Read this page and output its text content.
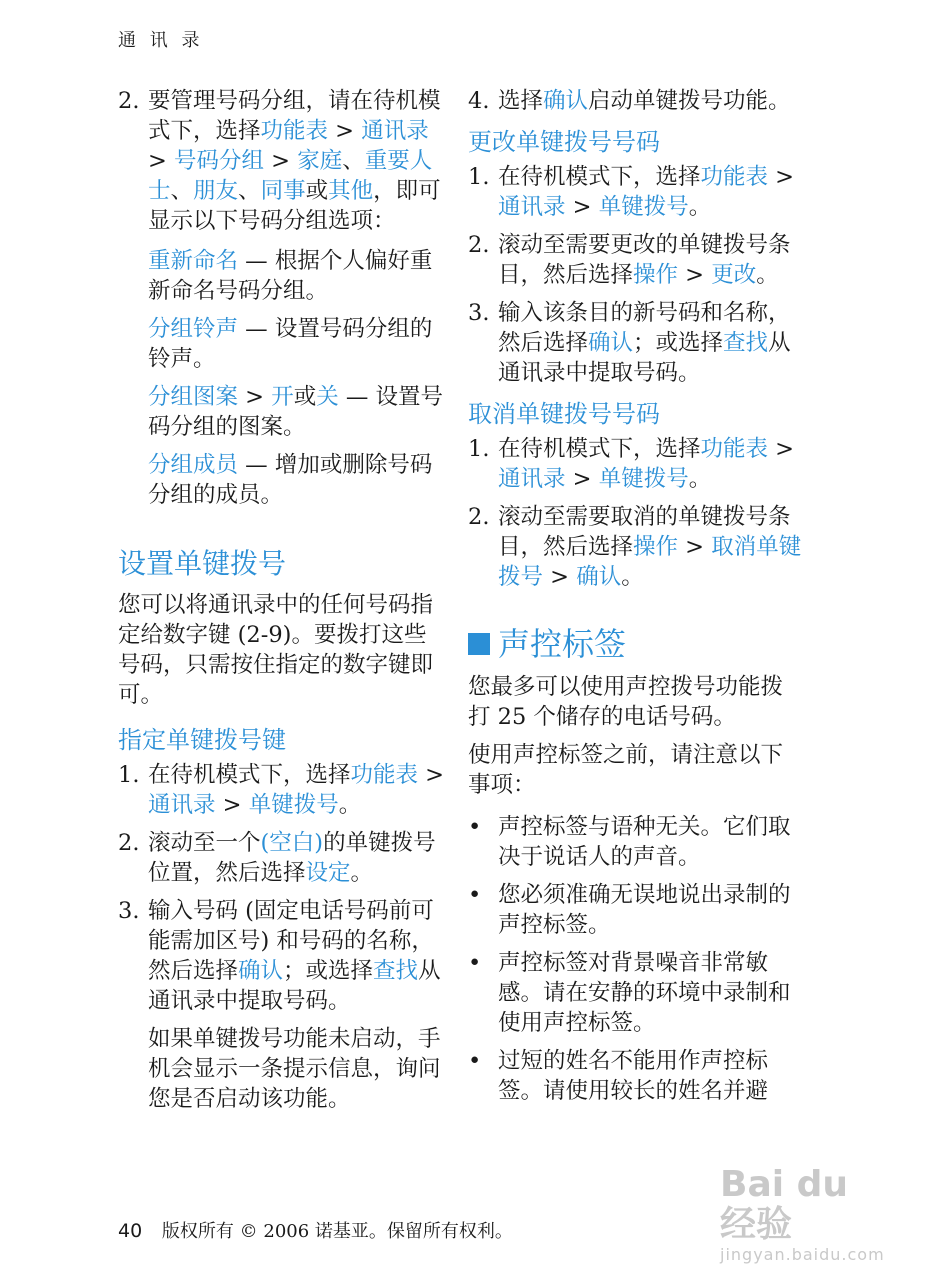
通 讯 录
2. 要管理号码分组，请在待机模式下，选择功能表 > 通讯录 > 号码分组 > 家庭、重要人士、朋友、同事或其他，即可显示以下号码分组选项：
重新命名 — 根据个人偏好重新命名号码分组。
分组铃声 — 设置号码分组的铃声。
分组图案 > 开或关 — 设置号码分组的图案。
分组成员 — 增加或删除号码分组的成员。
设置单键拨号
您可以将通讯录中的任何号码指定给数字键 (2-9)。要拨打这些号码，只需按住指定的数字键即可。
指定单键拨号键
1. 在待机模式下，选择功能表 > 通讯录 > 单键拨号。
2. 滚动至一个(空白)的单键拨号位置，然后选择设定。
3. 输入号码 (固定电话号码前可能需加区号) 和号码的名称，然后选择确认；或选择查找从通讯录中提取号码。
如果单键拨号功能未启动，手机会显示一条提示信息，询问您是否启动该功能。
4. 选择确认启动单键拨号功能。
更改单键拨号号码
1. 在待机模式下，选择功能表 > 通讯录 > 单键拨号。
2. 滚动至需要更改的单键拨号条目，然后选择操作 > 更改。
3. 输入该条目的新号码和名称，然后选择确认；或选择查找从通讯录中提取号码。
取消单键拨号号码
1. 在待机模式下，选择功能表 > 通讯录 > 单键拨号。
2. 滚动至需要取消的单键拨号条目，然后选择操作 > 取消单键拨号 > 确认。
声控标签
您最多可以使用声控拨号功能拨打 25 个储存的电话号码。
使用声控标签之前，请注意以下事项：
• 声控标签与语种无关。它们取决于说话人的声音。
• 您必须准确无误地说出录制的声控标签。
• 声控标签对背景噪音非常敏感。请在安静的环境中录制和使用声控标签。
• 过短的姓名不能用作声控标签。请使用较长的姓名并避
40 版权所有 © 2006 诺基亚。保留所有权利。
Bai du 经验
jingyan.baidu.com
